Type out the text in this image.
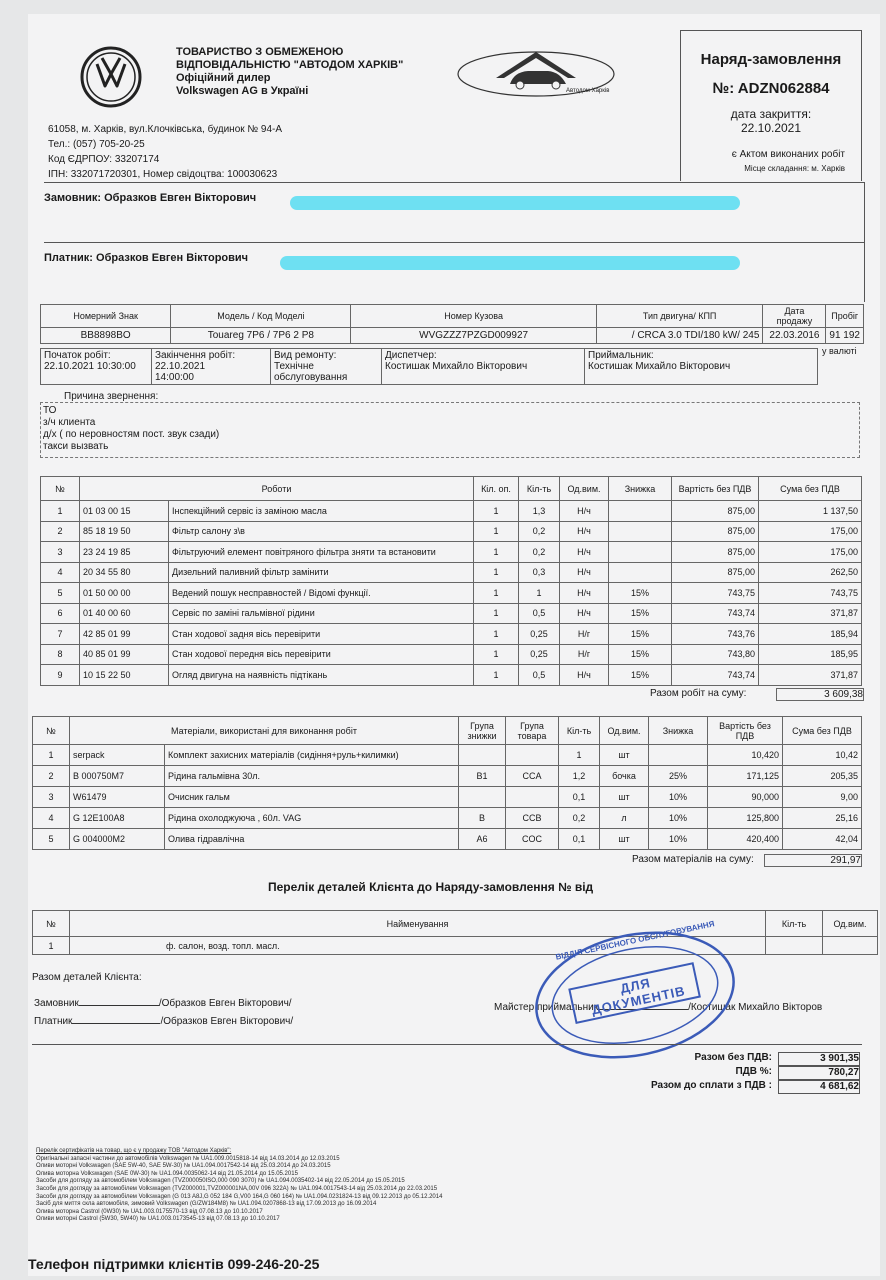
ТОВАРИСТВО З ОБМЕЖЕНОЮ
ВІДПОВІДАЛЬНІСТЮ "АВТОДОМ ХАРКІВ"
Офіційний дилер
Volkswagen AG в Україні
61058, м. Харків, вул.Клочківська, будинок № 94-А
Тел.: (057) 705-20-25
Код ЄДРПОУ: 33207174
ІПН: 332071720301, Номер свідоцтва: 100030623
Автодом Харків
Наряд-замовлення
№: ADZN062884
дата закриття:
22.10.2021
є Актом виконаних робіт
Місце складання: м. Харків
Замовник: Образков Евген Вікторович
Платник: Образков Евген Вікторович
Номерний Знак	Модель / Код Моделі	Номер Кузова	Тип двигуна/ КПП	Дата продажу	Пробіг
BB8898BO	Touareg 7P6 / 7P6 2 P8	WVGZZZ7PZGD009927	/ CRCA 3.0 TDI/180 kW/ 245	22.03.2016	91 192
Початок робіт:
22.10.2021 10:30:00

Закінчення робіт:
22.10.2021
14:00:00

Вид ремонту:
Технічне
обслуговування

Диспетчер:
Костишак Михайло Вікторович

Приймальник:
Костишак Михайло Вікторович
у валюті
Причина звернення:
ТО
з/ч клиента
д/х ( по неровностям пост. звук сзади)
такси вызвать
№	Роботи		Кіл. оп.	Кіл-ть	Од.вим.	Знижка	Вартість без ПДВ	Сума без ПДВ
1	01 03 00 15	Інспекційний сервіс із заміною масла	1	1,3	Н/ч		875,00	1 137,50
2	85 18 19 50	Фільтр салону з\в	1	0,2	Н/ч		875,00	175,00
3	23 24 19 85	Фільтруючий елемент повітряного фільтра зняти та встановити	1	0,2	Н/ч		875,00	175,00
4	20 34 55 80	Дизельний паливний фільтр замінити	1	0,3	Н/ч		875,00	262,50
5	01 50 00 00	Ведений пошук несправностей / Відомі функції.	1	1	Н/ч	15%	743,75	743,75
6	01 40 00 60	Сервіс по заміні гальмівної рідини	1	0,5	Н/ч	15%	743,74	371,87
7	42 85 01 99	Стан ходової задня вісь перевірити	1	0,25	Н/г	15%	743,76	185,94
8	40 85 01 99	Стан ходової передня вісь перевірити	1	0,25	Н/г	15%	743,80	185,95
9	10 15 22 50	Огляд двигуна на наявність підтікань	1	0,5	Н/ч	15%	743,74	371,87
Разом робіт на суму:	3 609,38
№	Матеріали, використані для виконання робіт		Група знижки	Група товара	Кіл-ть	Од.вим.	Знижка	Вартість без ПДВ	Сума без ПДВ
1	serpack	Комплект захисних матеріалів (сидіння+руль+килимки)			1	шт		10,420	10,42
2	B 000750M7	Рідина гальмівна 30л.	B1	CCA	1,2	бочка	25%	171,125	205,35
3	W61479	Очисник гальм			0,1	шт	10%	90,000	9,00
4	G 12E100A8	Рідина охолоджуюча , 60л. VAG	B	CCB	0,2	л	10%	125,800	25,16
5	G 004000M2	Олива гідравлічна	A6	COC	0,1	шт	10%	420,400	42,04
Разом матеріалів на суму:	291,97
Перелік деталей Клієнта до Наряду-замовлення № від
№	Найменування	Кіл-ть	Од.вим.
1	ф. салон, возд. топл. масл.		
Разом деталей Клієнта:
Замовник	/Образков Евген Вікторович/
Платник	/Образков Евген Вікторович/
Майстер приймальник	/Костишак Михайло Вікторов
ДЛЯ ДОКУМЕНТІВ
ВІДДІЛ СЕРВІСНОГО ОБСЛУГОВУВАННЯ
Разом без ПДВ:	3 901,35
ПДВ %:	780,27
Разом до сплати з ПДВ :	4 681,62
Перелік сертифікатів на товар, що є у продажу ТОВ "Автодом Харків":
Оригінальні запасні частини до автомобілів Volkswagen № UA1.009.0015818-14 від 14.03.2014 до 12.03.2015
Оливи моторні Volkswagen (SAE 5W-40, SAE 5W-30) № UA1.094.0017542-14 від 25.03.2014 до 24.03.2015
Олива моторна Volkswagen (SAE 0W-30) № UA1.094.0035062-14 від 21.05.2014 до 15.05.2015
Засоби для догляду за автомобілем Volkswagen (TVZ000050ISO,000 090 3070) № UA1.094.0035402-14 від 22.05.2014 до 15.05.2015
Засоби для догляду за автомобілем Volkswagen (TVZ000001,TVZ000001NA,00V 096 322A) № UA1.094.0017543-14 від 25.03.2014 до 22.03.2015
Засоби для догляду за автомобілем Volkswagen (G 013 A8J,G 052 184 G,V00 164,G 060 164) № UA1.094.0231824-13 від 09.12.2013 до 05.12.2014
Засіб для миття скла автомобіля, зимовий Volkswagen (G/ZW184M8) № UA1.094.0207868-13 від 17.09.2013 до 16.09.2014
Олива моторна Castrol (0W30) № UA1.003.0175570-13 від 07.08.13 до 10.10.2017
Оливи моторні Castrol (5W30, 5W40) № UA1.003.0173545-13 від 07.08.13 до 10.10.2017
Телефон підтримки клієнтів 099-246-20-25
